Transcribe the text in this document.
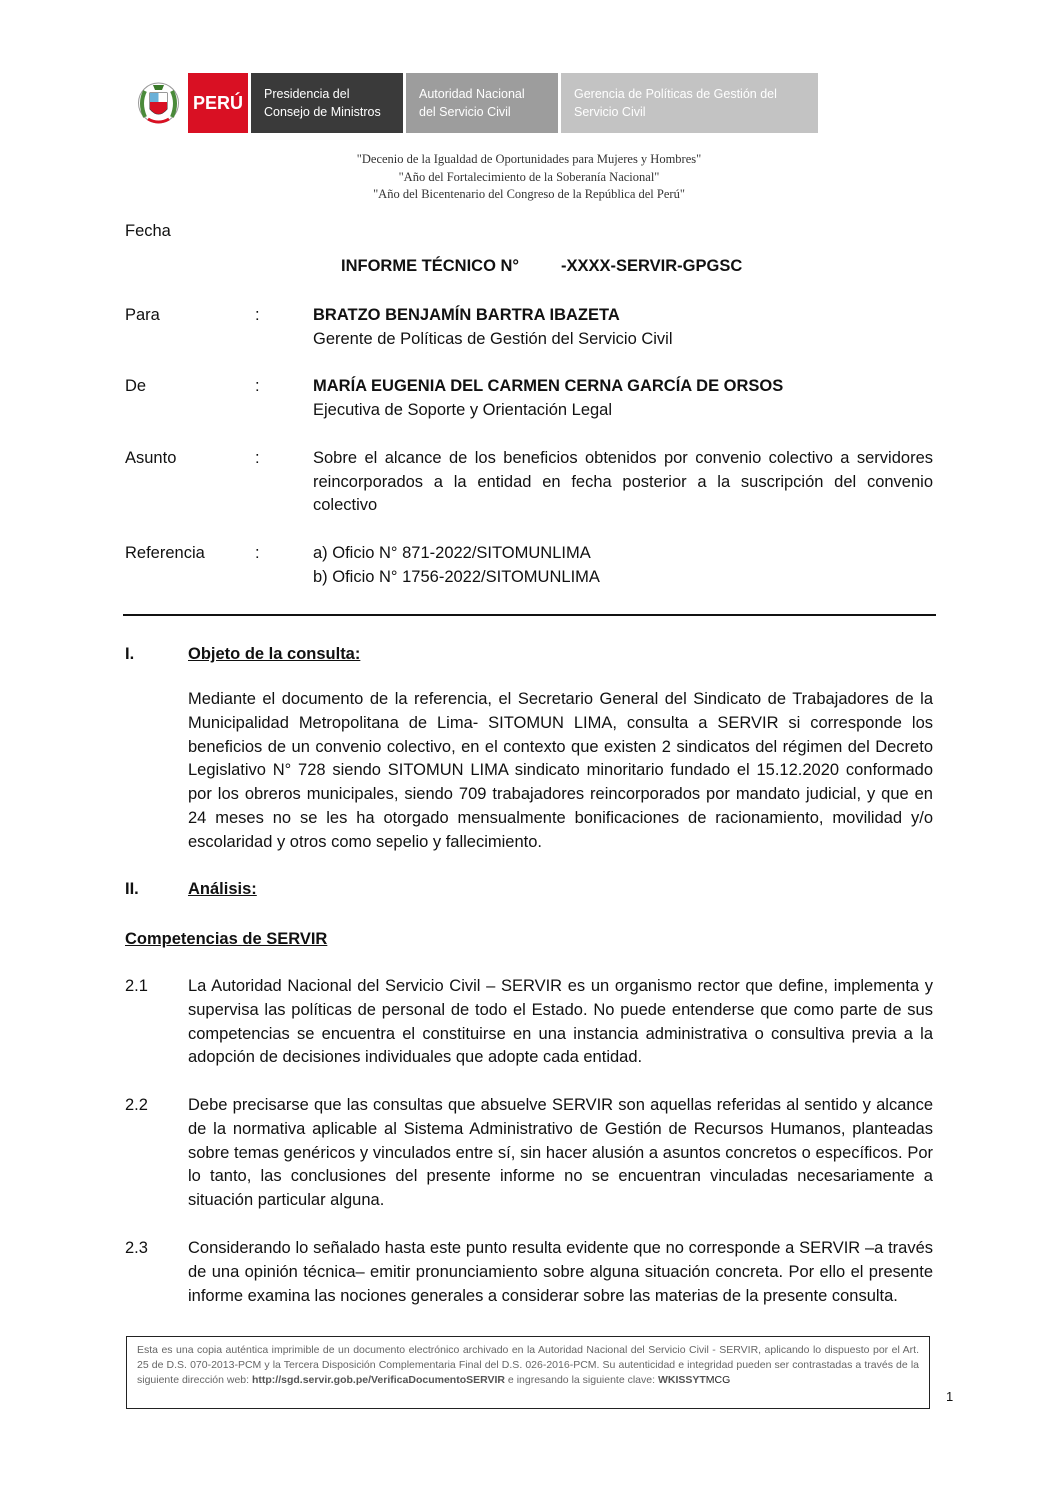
PERÚ	Presidencia del
Consejo de Ministros
Autoridad Nacional
del Servicio Civil
Gerencia de Políticas de Gestión del
Servicio Civil
"Decenio de la Igualdad de Oportunidades para Mujeres y Hombres"
"Año del Fortalecimiento de la Soberanía Nacional"
"Año del Bicentenario del Congreso de la República del Perú"
Fecha
INFORME TÉCNICO N°	-XXXX-SERVIR-GPGSC
Para	:	BRATZO BENJAMÍN BARTRA IBAZETA
Gerente de Políticas de Gestión del Servicio Civil
De	:	MARÍA EUGENIA DEL CARMEN CERNA GARCÍA DE ORSOS
Ejecutiva de Soporte y Orientación Legal
Asunto	:	Sobre el alcance de los beneficios obtenidos por convenio colectivo a servidores reincorporados a la entidad en fecha posterior a la suscripción del convenio colectivo
Referencia	:	a) Oficio N° 871-2022/SITOMUNLIMA
b) Oficio N° 1756-2022/SITOMUNLIMA
I.	Objeto de la consulta:
Mediante el documento de la referencia, el Secretario General del Sindicato de Trabajadores de la Municipalidad Metropolitana de Lima- SITOMUN LIMA, consulta a SERVIR si corresponde los beneficios de un convenio colectivo, en el contexto que existen 2 sindicatos del régimen del Decreto Legislativo N° 728 siendo SITOMUN LIMA sindicato minoritario fundado el 15.12.2020 conformado por los obreros municipales, siendo 709 trabajadores reincorporados por mandato judicial, y que en 24 meses no se les ha otorgado mensualmente bonificaciones de racionamiento, movilidad y/o escolaridad y otros como sepelio y fallecimiento.
II.	Análisis:
Competencias de SERVIR
2.1	La Autoridad Nacional del Servicio Civil – SERVIR es un organismo rector que define, implementa y supervisa las políticas de personal de todo el Estado. No puede entenderse que como parte de sus competencias se encuentra el constituirse en una instancia administrativa o consultiva previa a la adopción de decisiones individuales que adopte cada entidad.
2.2	Debe precisarse que las consultas que absuelve SERVIR son aquellas referidas al sentido y alcance de la normativa aplicable al Sistema Administrativo de Gestión de Recursos Humanos, planteadas sobre temas genéricos y vinculados entre sí, sin hacer alusión a asuntos concretos o específicos. Por lo tanto, las conclusiones del presente informe no se encuentran vinculadas necesariamente a situación particular alguna.
2.3	Considerando lo señalado hasta este punto resulta evidente que no corresponde a SERVIR –a través de una opinión técnica– emitir pronunciamiento sobre alguna situación concreta. Por ello el presente informe examina las nociones generales a considerar sobre las materias de la presente consulta.
Esta es una copia auténtica imprimible de un documento electrónico archivado en la Autoridad Nacional del Servicio Civil - SERVIR, aplicando lo dispuesto por el Art. 25 de D.S. 070-2013-PCM y la Tercera Disposición Complementaria Final del D.S. 026-2016-PCM. Su autenticidad e integridad pueden ser contrastadas a través de la siguiente dirección web: http://sgd.servir.gob.pe/VerificaDocumentoSERVIR e ingresando la siguiente clave: WKISSYTMCG
1
